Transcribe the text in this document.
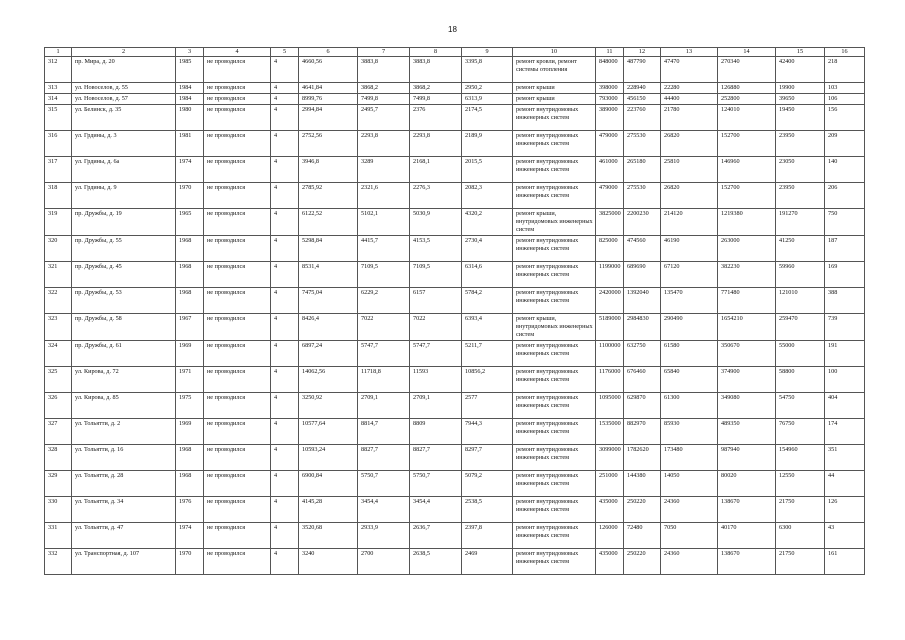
18
1	2	3	4	5	6	7	8	9	10	11	12	13	14	15	16
312	пр. Мира, д. 20	1985	не проводился	4	4660,56	3883,8	3883,8	3395,8	ремонт кровли, ремонт системы отопления	848000	487790	47470	270340	42400	218
313	ул. Новоселов, д. 55	1984	не проводился	4	4641,84	3868,2	3868,2	2950,2	ремонт крыши	398000	228940	22280	126880	19900	103
314	ул. Новоселов, д. 57	1984	не проводился	4	8999,76	7499,8	7499,8	6313,9	ремонт крыши	793000	456150	44400	252800	39650	106
315	ул. Белинск, д. 35	1980	не проводился	4	2994,84	2495,7	2376	2174,5	ремонт внутридомовых инженерных систем	389000	223760	21780	124010	19450	156
316	ул. Грдины, д. 3	1981	не проводился	4	2752,56	2293,8	2293,8	2189,9	ремонт внутридомовых инженерных систем	479000	275530	26820	152700	23950	209
317	ул. Грдины, д. 6а	1974	не проводился	4	3946,8	3289	2168,1	2015,5	ремонт внутридомовых инженерных систем	461000	265180	25810	146960	23050	140
318	ул. Грдины, д. 9	1970	не проводился	4	2785,92	2321,6	2276,3	2082,3	ремонт внутридомовых инженерных систем	479000	275530	26820	152700	23950	206
319	пр. Дружбы, д. 19	1965	не проводился	4	6122,52	5102,1	5030,9	4320,2	ремонт крыши, внутридомовых инженерных систем	3825000	2200230	214120	1219380	191270	750
320	пр. Дружбы, д. 55	1968	не проводился	4	5298,84	4415,7	4153,5	2730,4	ремонт внутридомовых инженерных систем	825000	474560	46190	263000	41250	187
321	пр. Дружбы, д. 45	1968	не проводился	4	8531,4	7109,5	7109,5	6314,6	ремонт внутридомовых инженерных систем	1199000	689690	67120	382230	59960	169
322	пр. Дружбы, д. 53	1968	не проводился	4	7475,04	6229,2	6157	5784,2	ремонт внутридомовых инженерных систем	2420000	1392040	135470	771480	121010	388
323	пр. Дружбы, д. 58	1967	не проводился	4	8426,4	7022	7022	6393,4	ремонт крыши, внутридомовых инженерных систем	5189000	2984830	290490	1654210	259470	739
324	пр. Дружбы, д. 61	1969	не проводился	4	6897,24	5747,7	5747,7	5211,7	ремонт внутридомовых инженерных систем	1100000	632750	61580	350670	55000	191
325	ул. Кирова, д. 72	1971	не проводился	4	14062,56	11718,8	11593	10856,2	ремонт внутридомовых инженерных систем	1176000	676460	65840	374900	58800	100
326	ул. Кирова, д. 85	1975	не проводился	4	3250,92	2709,1	2709,1	2577	ремонт внутридомовых инженерных систем	1095000	629870	61300	349080	54750	404
327	ул. Тольятти, д. 2	1969	не проводился	4	10577,64	8814,7	8809	7944,3	ремонт внутридомовых инженерных систем	1535000	882970	85930	489350	76750	174
328	ул. Тольятти, д. 16	1968	не проводился	4	10593,24	8827,7	8827,7	8297,7	ремонт внутридомовых инженерных систем	3099000	1782620	173480	987940	154960	351
329	ул. Тольятти, д. 28	1968	не проводился	4	6900,84	5750,7	5750,7	5079,2	ремонт внутридомовых инженерных систем	251000	144380	14050	80020	12550	44
330	ул. Тольятти, д. 34	1976	не проводился	4	4145,28	3454,4	3454,4	2538,5	ремонт внутридомовых инженерных систем	435000	250220	24360	138670	21750	126
331	ул. Тольятти, д. 47	1974	не проводился	4	3520,68	2933,9	2636,7	2397,8	ремонт внутридомовых инженерных систем	126000	72480	7050	40170	6300	43
332	ул. Транспортная, д. 107	1970	не проводился	4	3240	2700	2638,5	2469	ремонт внутридомовых инженерных систем	435000	250220	24360	138670	21750	161
